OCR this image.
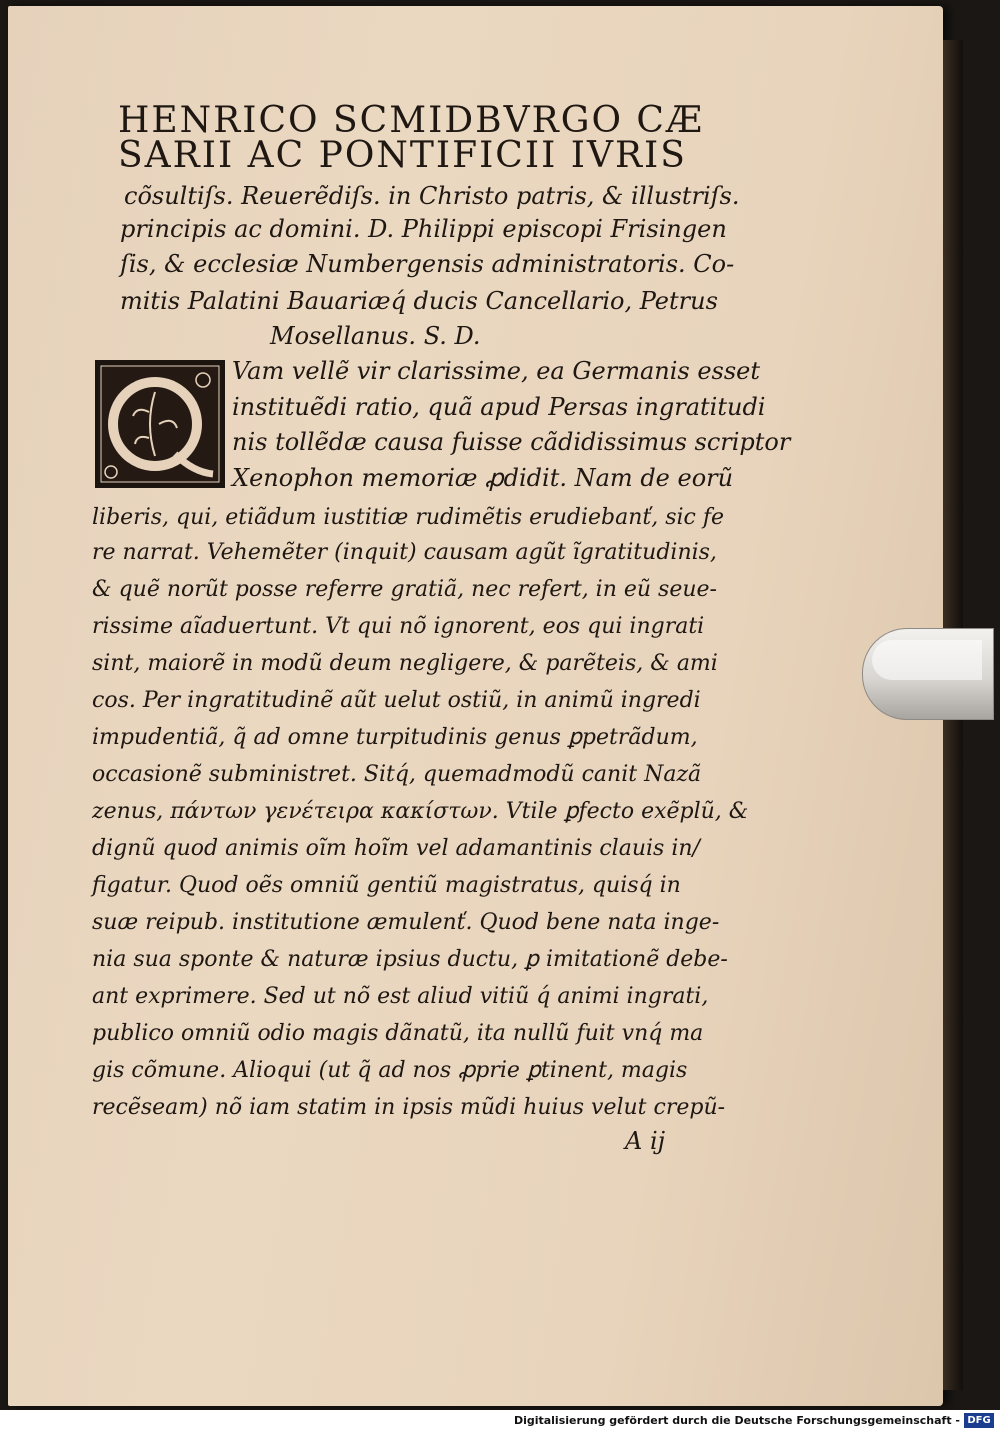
HENRICO SCMIDBVRGO CÆ
SARII AC PONTIFICII IVRIS
cõsultiſs. Reuerẽdiſs. in Christo patris, & illustriſs.
principis ac domini. D. Philippi episcopi Frisingen
ſis, & ecclesiæ Numbergensis administratoris. Co-
mitis Palatini Bauariæq́ ducis Cancellario, Petrus
Mosellanus. S. D.
Vam vellẽ vir clarissime, ea Germanis esset
instituẽdi ratio, quã apud Persas ingratitudi
nis tollẽdæ causa fuisse cãdidissimus scriptor
Xenophon memoriæ ꝓdidit. Nam de eorũ
liberis, qui, etiãdum iustitiæ rudimẽtis erudiebanť, sic fe
re narrat. Vehemẽter (inquit) causam agũt ĩgratitudinis,
& quẽ norũt posse referre gratiã, nec refert, in eũ seue-
rissime aĩaduertunt. Vt qui nõ ignorent, eos qui ingrati
sint, maiorẽ in modũ deum negligere, & parẽteis, & ami
cos. Per ingratitudinẽ aũt uelut ostiũ, in animũ ingredi
impudentiã, q̃ ad omne turpitudinis genus ꝑpetrãdum,
occasionẽ subministret. Sitq́, quemadmodũ canit Nazã
zenus, πάντων γενέτειρα κακίστων. Vtile ꝑfecto exẽplũ, &
dignũ quod animis oĩm hoĩm vel adamantinis clauis in/
figatur. Quod oẽs omniũ gentiũ magistratus, quisq́ in
suæ reipub. institutione æmulenť. Quod bene nata inge-
nia sua sponte & naturæ ipsius ductu, ꝑ imitationẽ debe-
ant exprimere. Sed ut nõ est aliud vitiũ q́ animi ingrati,
publico omniũ odio magis dãnatũ, ita nullũ fuit vnq́ ma
gis cõmune. Alioqui (ut q̃ ad nos ꝓprie ꝑtinent, magis
recẽseam) nõ iam statim in ipsis mũdi huius velut crepũ-
A ij
Digitalisierung gefördert durch die Deutsche Forschungsgemeinschaft - DFG
